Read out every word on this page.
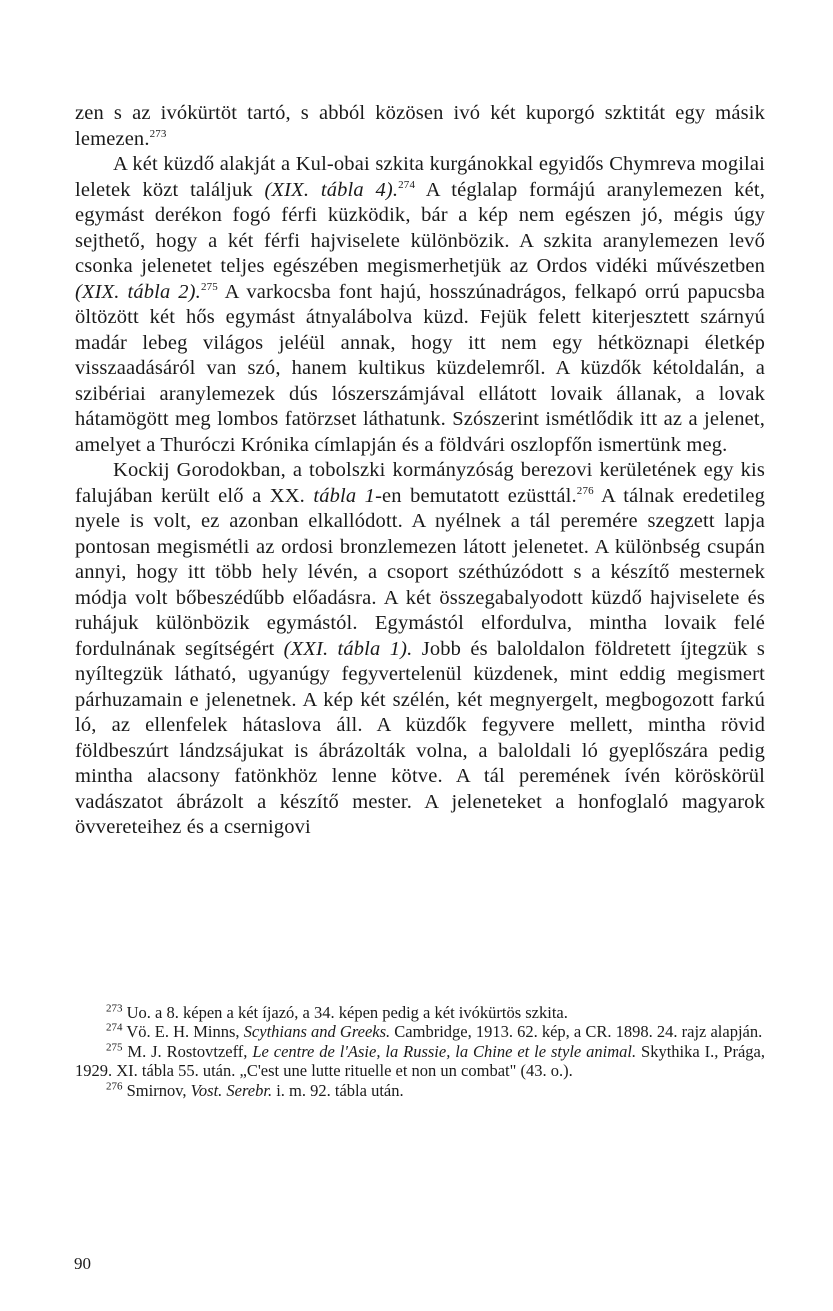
zen s az ivókürtöt tartó, s abból közösen ivó két kuporgó szktitát egy másik lemezen.$^{273}$

A két küzdő alakját a Kul-obai szkita kurgánokkal egyidős Chymreva mogilai leletek közt találjuk (XIX. tábla 4).$^{274}$ A téglalap formájú aranylemezen két, egymást derékon fogó férfi küzködik, bár a kép nem egészen jó, mégis úgy sejthető, hogy a két férfi hajviselete különbözik. A szkita aranylemezen levő csonka jelenetet teljes egészében megismerhetjük az Ordos vidéki művészetben (XIX. tábla 2).$^{275}$ A varkocsba font hajú, hosszúnadrágos, felkapó orrú papucsba öltözött két hős egymást átnyalábolva küzd. Fejük felett kiterjesztett szárnyú madár lebeg világos jeléül annak, hogy itt nem egy hétköznapi életkép visszaadásáról van szó, hanem kultikus küzdelemről. A küzdők kétoldalán, a szibériai aranylemezek dús lószerszámjával ellátott lovaik állanak, a lovak hátamögött meg lombos fatörzset láthatunk. Szószerint ismétlődik itt az a jelenet, amelyet a Thuróczi Krónika címlapján és a földvári oszlopfőn ismertünk meg.

Kockij Gorodokban, a tobolszki kormányzóság berezovi kerületének egy kis falujában került elő a XX. tábla 1-en bemutatott ezüsttál.$^{276}$ A tálnak eredetileg nyele is volt, ez azonban elkallódott. A nyélnek a tál peremére szegzett lapja pontosan megismétli az ordosi bronzlemezen látott jelenetet. A különbség csupán annyi, hogy itt több hely lévén, a csoport széthúzódott s a készítő mesternek módja volt bőbeszédűbb előadásra. A két összegabalyodott küzdő hajviselete és ruhájuk különbözik egymástól. Egymástól elfordulva, mintha lovaik felé fordulnának segítségért (XXI. tábla 1). Jobb és baloldalon földretett íjtegzük s nyíltegzük látható, ugyanúgy fegyvertelenül küzdenek, mint eddig megismert párhuzamain e jelenetnek. A kép két szélén, két megnyergelt, megbogozott farkú ló, az ellenfelek hátaslova áll. A küzdők fegyvere mellett, mintha rövid földbeszúrt lándzsájukat is ábrázolták volna, a baloldali ló gyeplőszára pedig mintha alacsony fatönkhöz lenne kötve. A tál peremének ívén köröskörül vadászatot ábrázolt a készítő mester. A jeleneteket a honfoglaló magyarok övvereteihez és a csernigovi

$^{273}$ Uo. a 8. képen a két íjazó, a 34. képen pedig a két ivókürtös szkita.

$^{274}$ Vö. E. H. Minns, Scythians and Greeks. Cambridge, 1913. 62. kép, a CR. 1898. 24. rajz alapján.

$^{275}$ M. J. Rostovtzeff, Le centre de l'Asie, la Russie, la Chine et le style animal. Skythika I., Prága, 1929. XI. tábla 55. után. „C'est une lutte rituelle et non un combat" (43. o.).

$^{276}$ Smirnov, Vost. Serebr. i. m. 92. tábla után.

90
